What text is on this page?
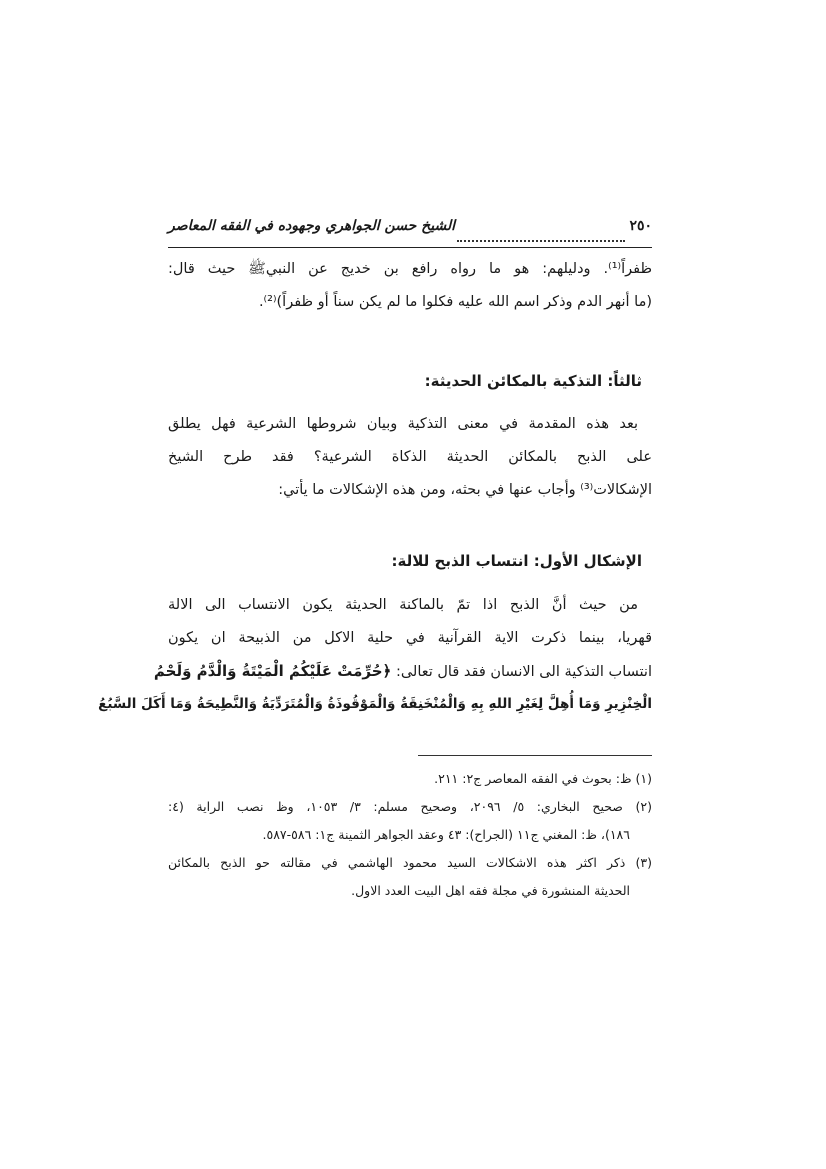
٢٥٠
الشيخ حسن الجواهري وجهوده في الفقه المعاصر
ظفراً⁽¹⁾. ودليلهم: هو ما رواه رافع بن خديج عن النبيﷺ حيث قال:
(ما أنهر الدم وذكر اسم الله عليه فكلوا ما لم يكن سناً أو ظفراً)⁽²⁾.
ثالثاً: التذكية بالمكائن الحديثة:
بعد هذه المقدمة في معنى التذكية وبيان شروطها الشرعية فهل يطلق
على الذبح بالمكائن الحديثة الذكاة الشرعية؟ فقد طرح الشيخ
الإشكالات⁽³⁾ وأجاب عنها في بحثه، ومن هذه الإشكالات ما يأتي:
الإشكال الأول: انتساب الذبح للالة:
من حيث أنَّ الذبح اذا تمّ بالماكنة الحديثة يكون الانتساب الى الالة
قهريا، بينما ذكرت الاية القرآنية في حلية الاكل من الذبيحة ان يكون
انتساب التذكية الى الانسان فقد قال تعالى: ﴿حُرِّمَتْ عَلَيْكُمُ الْمَيْتَةُ وَالْدَّمُ وَلَحْمُ
الْخِنْزِيرِ وَمَا أُهِلَّ لِغَيْرِ اللهِ بِهِ وَالْمُنْخَنِقَةُ وَالْمَوْقُوذَةُ وَالْمُتَرَدِّيَةُ وَالنَّطِيحَةُ وَمَا أَكَلَ السَّبُعُ
(١) ظ: بحوث في الفقه المعاصر ج٢: ٢١١.
(٢) صحيح البخاري: ٥/ ٢٠٩٦، وصحيح مسلم: ٣/ ١٠٥٣، وظ نصب الراية (٤:
١٨٦)، ظ: المغني ج١١ (الجراح): ٤٣ وعقد الجواهر الثمينة ج١: ٥٨٦-٥٨٧.
(٣) ذكر اكثر هذه الاشكالات السيد محمود الهاشمي في مقالته حو الذبح بالمكائن
الحديثة المنشورة في مجلة فقه اهل البيت العدد الاول.
